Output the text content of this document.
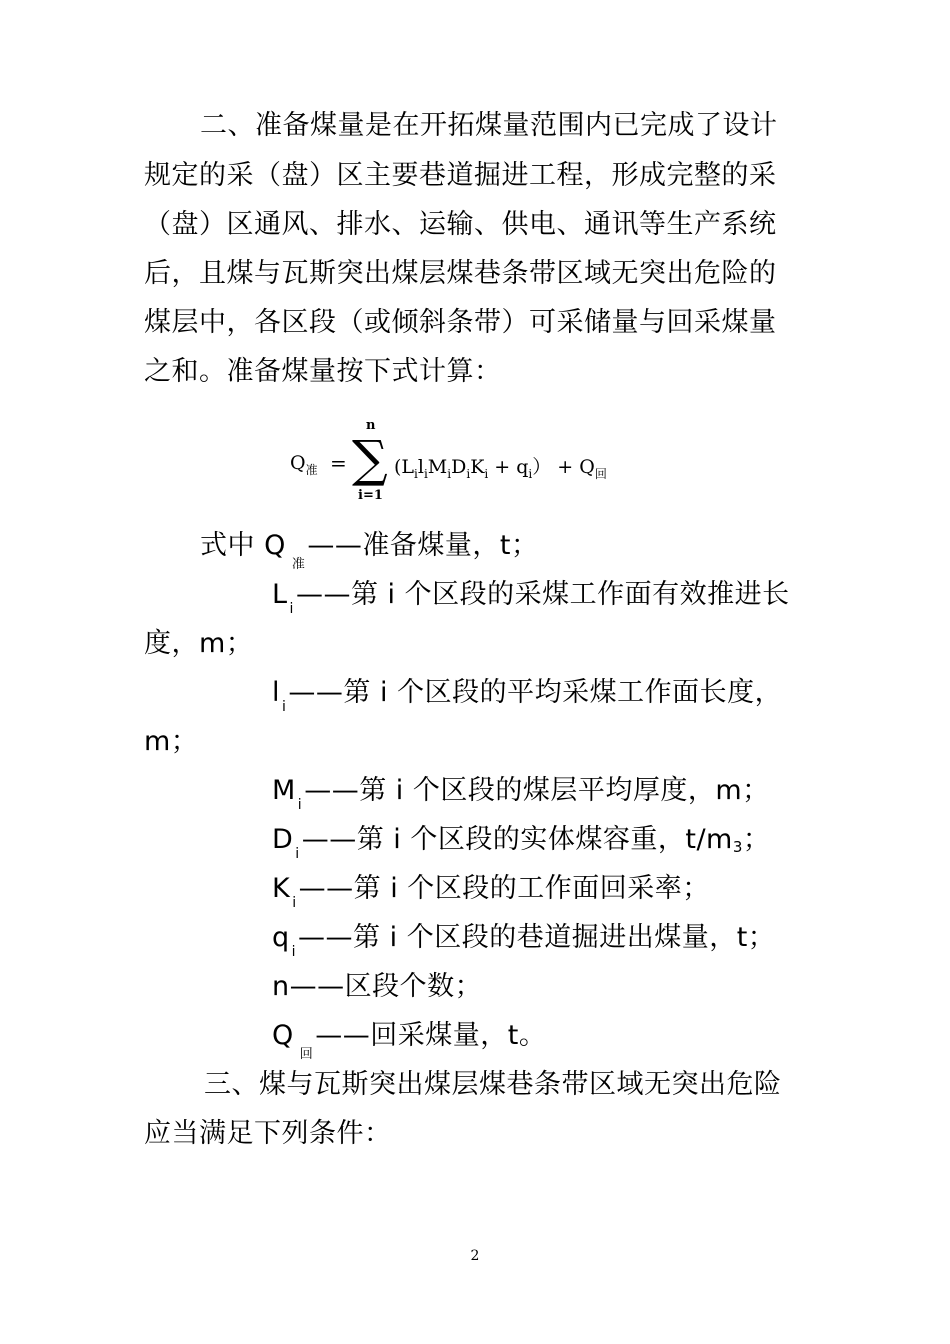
二、准备煤量是在开拓煤量范围内已完成了设计
规定的采（盘）区主要巷道掘进工程，形成完整的采
（盘）区通风、排水、运输、供电、通讯等生产系统
后，且煤与瓦斯突出煤层煤巷条带区域无突出危险的
煤层中，各区段（或倾斜条带）可采储量与回采煤量
之和。准备煤量按下式计算：
$Q_准$ =
n
∑
i=1
$(L_il_iM_iD_iK_i + q_i) + Q_回$
式中 $Q_准——$准备煤量，t；
L $_i$——第 i 个区段的采煤工作面有效推进长
度，m；
l $_i$——第 i 个区段的平均采煤工作面长度，
m；
M $_i$——第 i 个区段的煤层平均厚度，m；
D $_i$——第 i 个区段的实体煤容重，t/m3；
K $_i$——第 i 个区段的工作面回采率；
q $_i$——第 i 个区段的巷道掘进出煤量，t；
n——区段个数；
$Q_回——$回采煤量，t。
三、煤与瓦斯突出煤层煤巷条带区域无突出危险
应当满足下列条件：
2
